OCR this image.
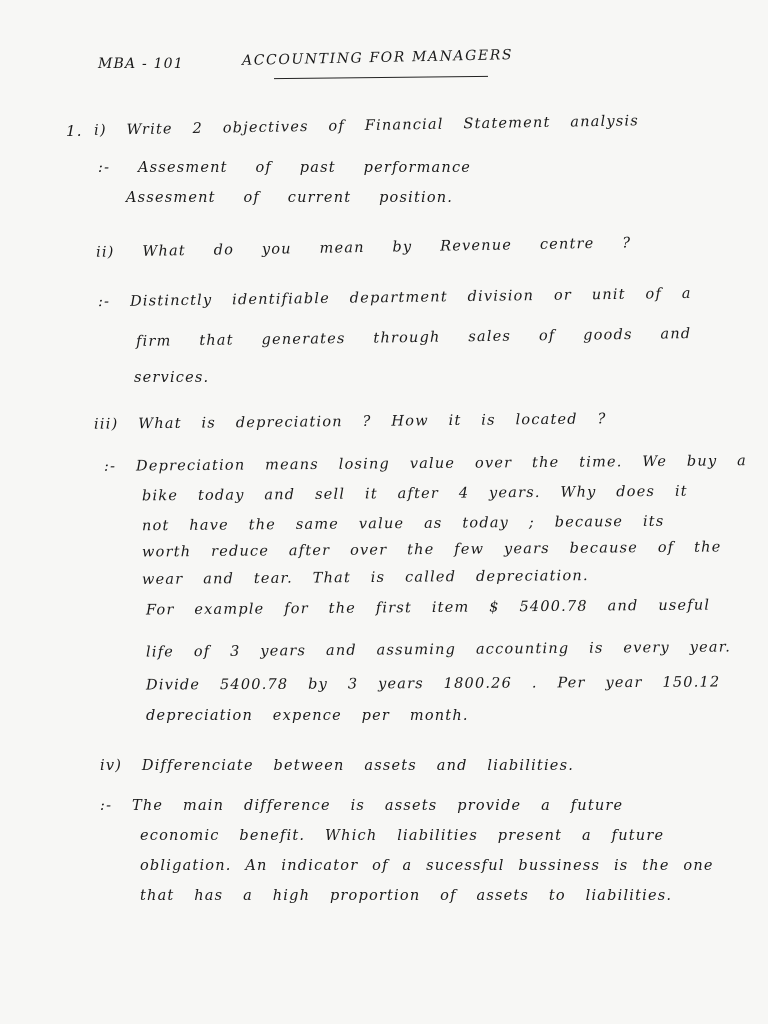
MBA - 101	ACCOUNTING FOR MANAGERS
1. i) Write 2 objectives of Financial Statement analysis
:- Assesment of past performance
Assesment of current position.
ii) What do you mean by Revenue centre ?
:- Distinctly identifiable department division or unit of a
firm that generates through sales of goods and
services.
iii) What is depreciation ? How it is located ?
:- Depreciation means losing value over the time. We buy a
bike today and sell it after 4 years. Why does it
not have the same value as today ; because its
worth reduce after over the few years because of the
wear and tear. That is called depreciation.
For example for the first item $ 5400.78 and useful
life of 3 years and assuming accounting is every year.
Divide 5400.78 by 3 years 1800.26 . Per year 150.12
depreciation expence per month.
iv) Differenciate between assets and liabilities.
:- The main difference is assets provide a future
economic benefit. Which liabilities present a future
obligation. An indicator of a sucessful bussiness is the one
that has a high proportion of assets to liabilities.
